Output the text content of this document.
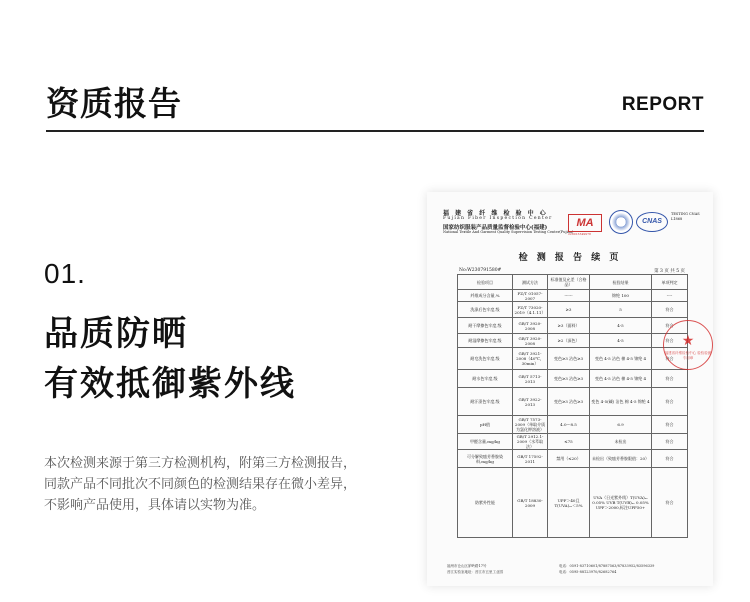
资质报告	REPORT
01.
品质防晒
有效抵御紫外线
本次检测来源于第三方检测机构，附第三方检测报告，
同款产品不同批次不同颜色的检测结果存在微小差异，
不影响产品使用，具体请以实物为准。
福 建 省 纤 维 检 验 中 心
Fujian Fiber Inspection Center
国家纺织服装产品质量监督检验中心(福建)
National Textile And Garment Quality Supervision Testing Center(Fujian)
MA
220013349978
CNAS
TESTING CNAS L1868
检 测 报 告 续 页
No:W230791580#	第 3 页 共 5 页
检验项目	测试方法	标准值及允差（合格品）	检验结果	单项判定
纤维成分含量,%	FZ/T 01057-2007	------	锦纶 100	----
洗涤后色牢度,级	FZ/T 73020-2019（4.1.11）	≥3	5	符合
耐干摩擦色牢度,级	GB/T 3920-2008	≥3（面料）	4-5	符合
耐湿摩擦色牢度,级	GB/T 3920-2008	≥2（深色）	4-5	符合
耐皂洗色牢度,级	GB/T 3921-2008（40℃，30min）	变色≥3 沾色≥3	变色 4-5 沾色 棉 4-5 锦纶 4	符合
耐水色牢度,级	GB/T 5713-2013	变色≥3 沾色≥3	变色 4-5 沾色 棉 4-5 锦纶 4	符合
耐汗渍色牢度,级	GB/T 3922-2013	变色≥3 沾色≥3	变色 4-5(碱) 沾色 棉 4-5 锦纶 4	符合
pH值	GB/T 7573-2009（单取介质为氯化钾溶液）	4.0～8.5	6.9	符合
甲醛含量,mg/kg	GB/T 2912.1-2009（水萃取法）	≤75	未检出	符合
可分解致癌芳香胺染料,mg/kg	GB/T 17592-2011	禁用（≤20）	未检出（致癌芳香胺限值：20）	符合
防紫外性能	GB/T 18830-2009	UPF＞40且 T(UVA)ₐᵥ＜5%	UVA（日光紫外线）T(UVA)ₐᵥ 0.05% UVB T(UVB)ₐᵥ 0.05% UPF＞2000,标注UPF50+	符合
★
福建省纤维检验中心 检验检测专用章
福州市仓山区胪岭路17号	电话：0591-83710601/87887563/87833952/83596339
晋江实验室地址：晋江市五里工业园	电话：0595-88123970/82682764
